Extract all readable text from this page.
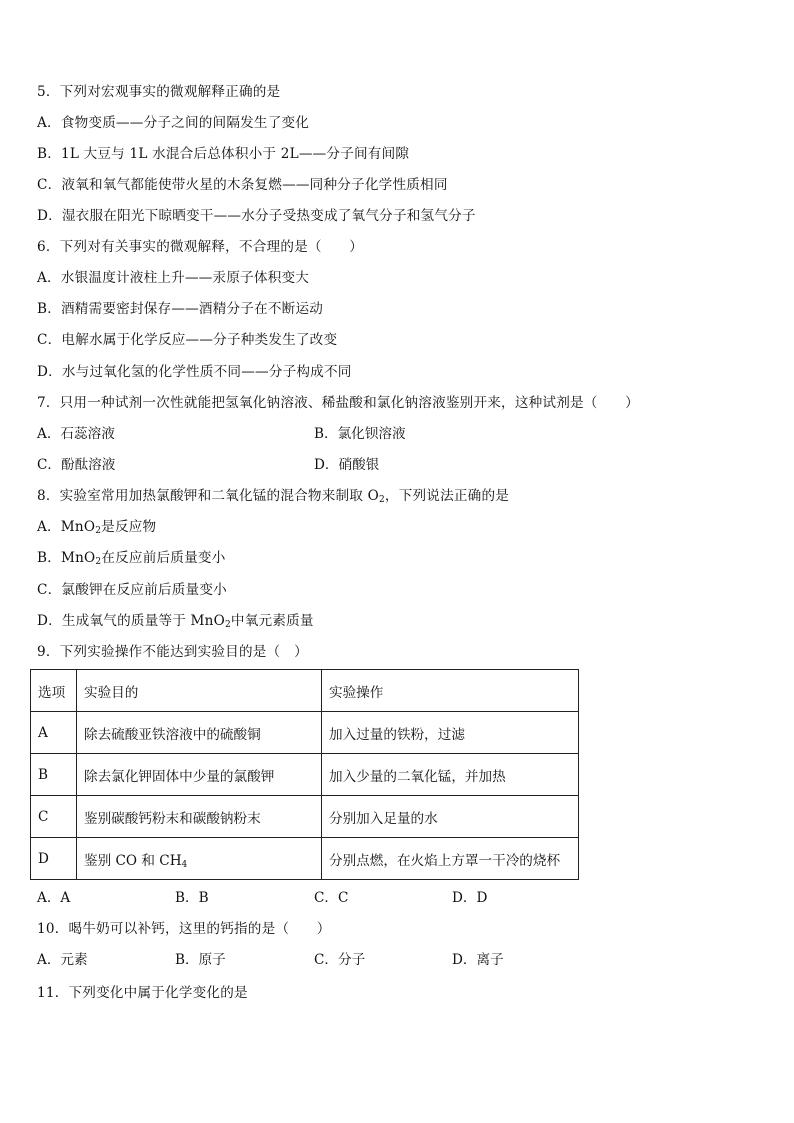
5．下列对宏观事实的微观解释正确的是
A．食物变质——分子之间的间隔发生了变化
B．1L 大豆与 1L 水混合后总体积小于 2L——分子间有间隙
C．液氧和氧气都能使带火星的木条复燃——同种分子化学性质相同
D．湿衣服在阳光下晾晒变干——水分子受热变成了氧气分子和氢气分子
6．下列对有关事实的微观解释，不合理的是（　　）
A．水银温度计液柱上升——汞原子体积变大
B．酒精需要密封保存——酒精分子在不断运动
C．电解水属于化学反应——分子种类发生了改变
D．水与过氧化氢的化学性质不同——分子构成不同
7．只用一种试剂一次性就能把氢氧化钠溶液、稀盐酸和氯化钠溶液鉴别开来，这种试剂是（　　）
A．石蕊溶液	B．氯化钡溶液
C．酚酞溶液	D．硝酸银
8．实验室常用加热氯酸钾和二氧化锰的混合物来制取 $O_2$，下列说法正确的是
A．MnO$_2$是反应物
B．MnO$_2$在反应前后质量变小
C．氯酸钾在反应前后质量变小
D．生成氧气的质量等于 MnO$_2$中氧元素质量
9．下列实验操作不能达到实验目的是（　）
选项	实验目的	实验操作
A	除去硫酸亚铁溶液中的硫酸铜	加入过量的铁粉，过滤
B	除去氯化钾固体中少量的氯酸钾	加入少量的二氧化锰，并加热
C	鉴别碳酸钙粉末和碳酸钠粉末	分别加入足量的水
D	鉴别 CO 和 $CH_4$	分别点燃，在火焰上方罩一干冷的烧杯
A．A	B．B	C．C	D．D
10．喝牛奶可以补钙，这里的钙指的是（　　）
A．元素	B．原子	C．分子	D．离子
11．下列变化中属于化学变化的是
